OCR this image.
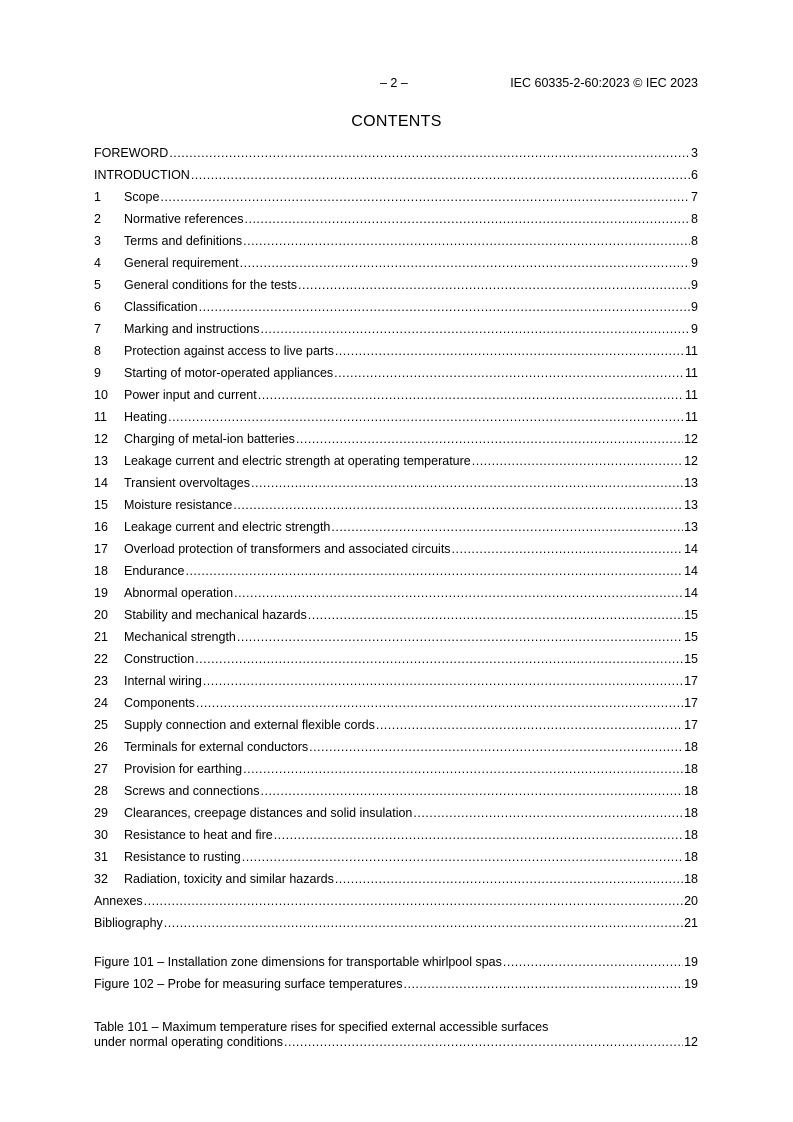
– 2 –	IEC 60335-2-60:2023 © IEC 2023
CONTENTS
FOREWORD .....	3
INTRODUCTION .....	6
1	Scope .....	7
2	Normative references .....	8
3	Terms and definitions .....	8
4	General requirement .....	9
5	General conditions for the tests .....	9
6	Classification .....	9
7	Marking and instructions .....	9
8	Protection against access to live parts .....	11
9	Starting of motor-operated appliances .....	11
10	Power input and current .....	11
11	Heating .....	11
12	Charging of metal-ion batteries .....	12
13	Leakage current and electric strength at operating temperature .....	12
14	Transient overvoltages .....	13
15	Moisture resistance .....	13
16	Leakage current and electric strength .....	13
17	Overload protection of transformers and associated circuits .....	14
18	Endurance .....	14
19	Abnormal operation .....	14
20	Stability and mechanical hazards .....	15
21	Mechanical strength .....	15
22	Construction .....	15
23	Internal wiring .....	17
24	Components .....	17
25	Supply connection and external flexible cords .....	17
26	Terminals for external conductors .....	18
27	Provision for earthing .....	18
28	Screws and connections .....	18
29	Clearances, creepage distances and solid insulation .....	18
30	Resistance to heat and fire .....	18
31	Resistance to rusting .....	18
32	Radiation, toxicity and similar hazards .....	18
Annexes .....	20
Bibliography .....	21
Figure 101 – Installation zone dimensions for transportable whirlpool spas .....	19
Figure 102 – Probe for measuring surface temperatures .....	19
Table 101 – Maximum temperature rises for specified external accessible surfaces
under normal operating conditions .....	12
